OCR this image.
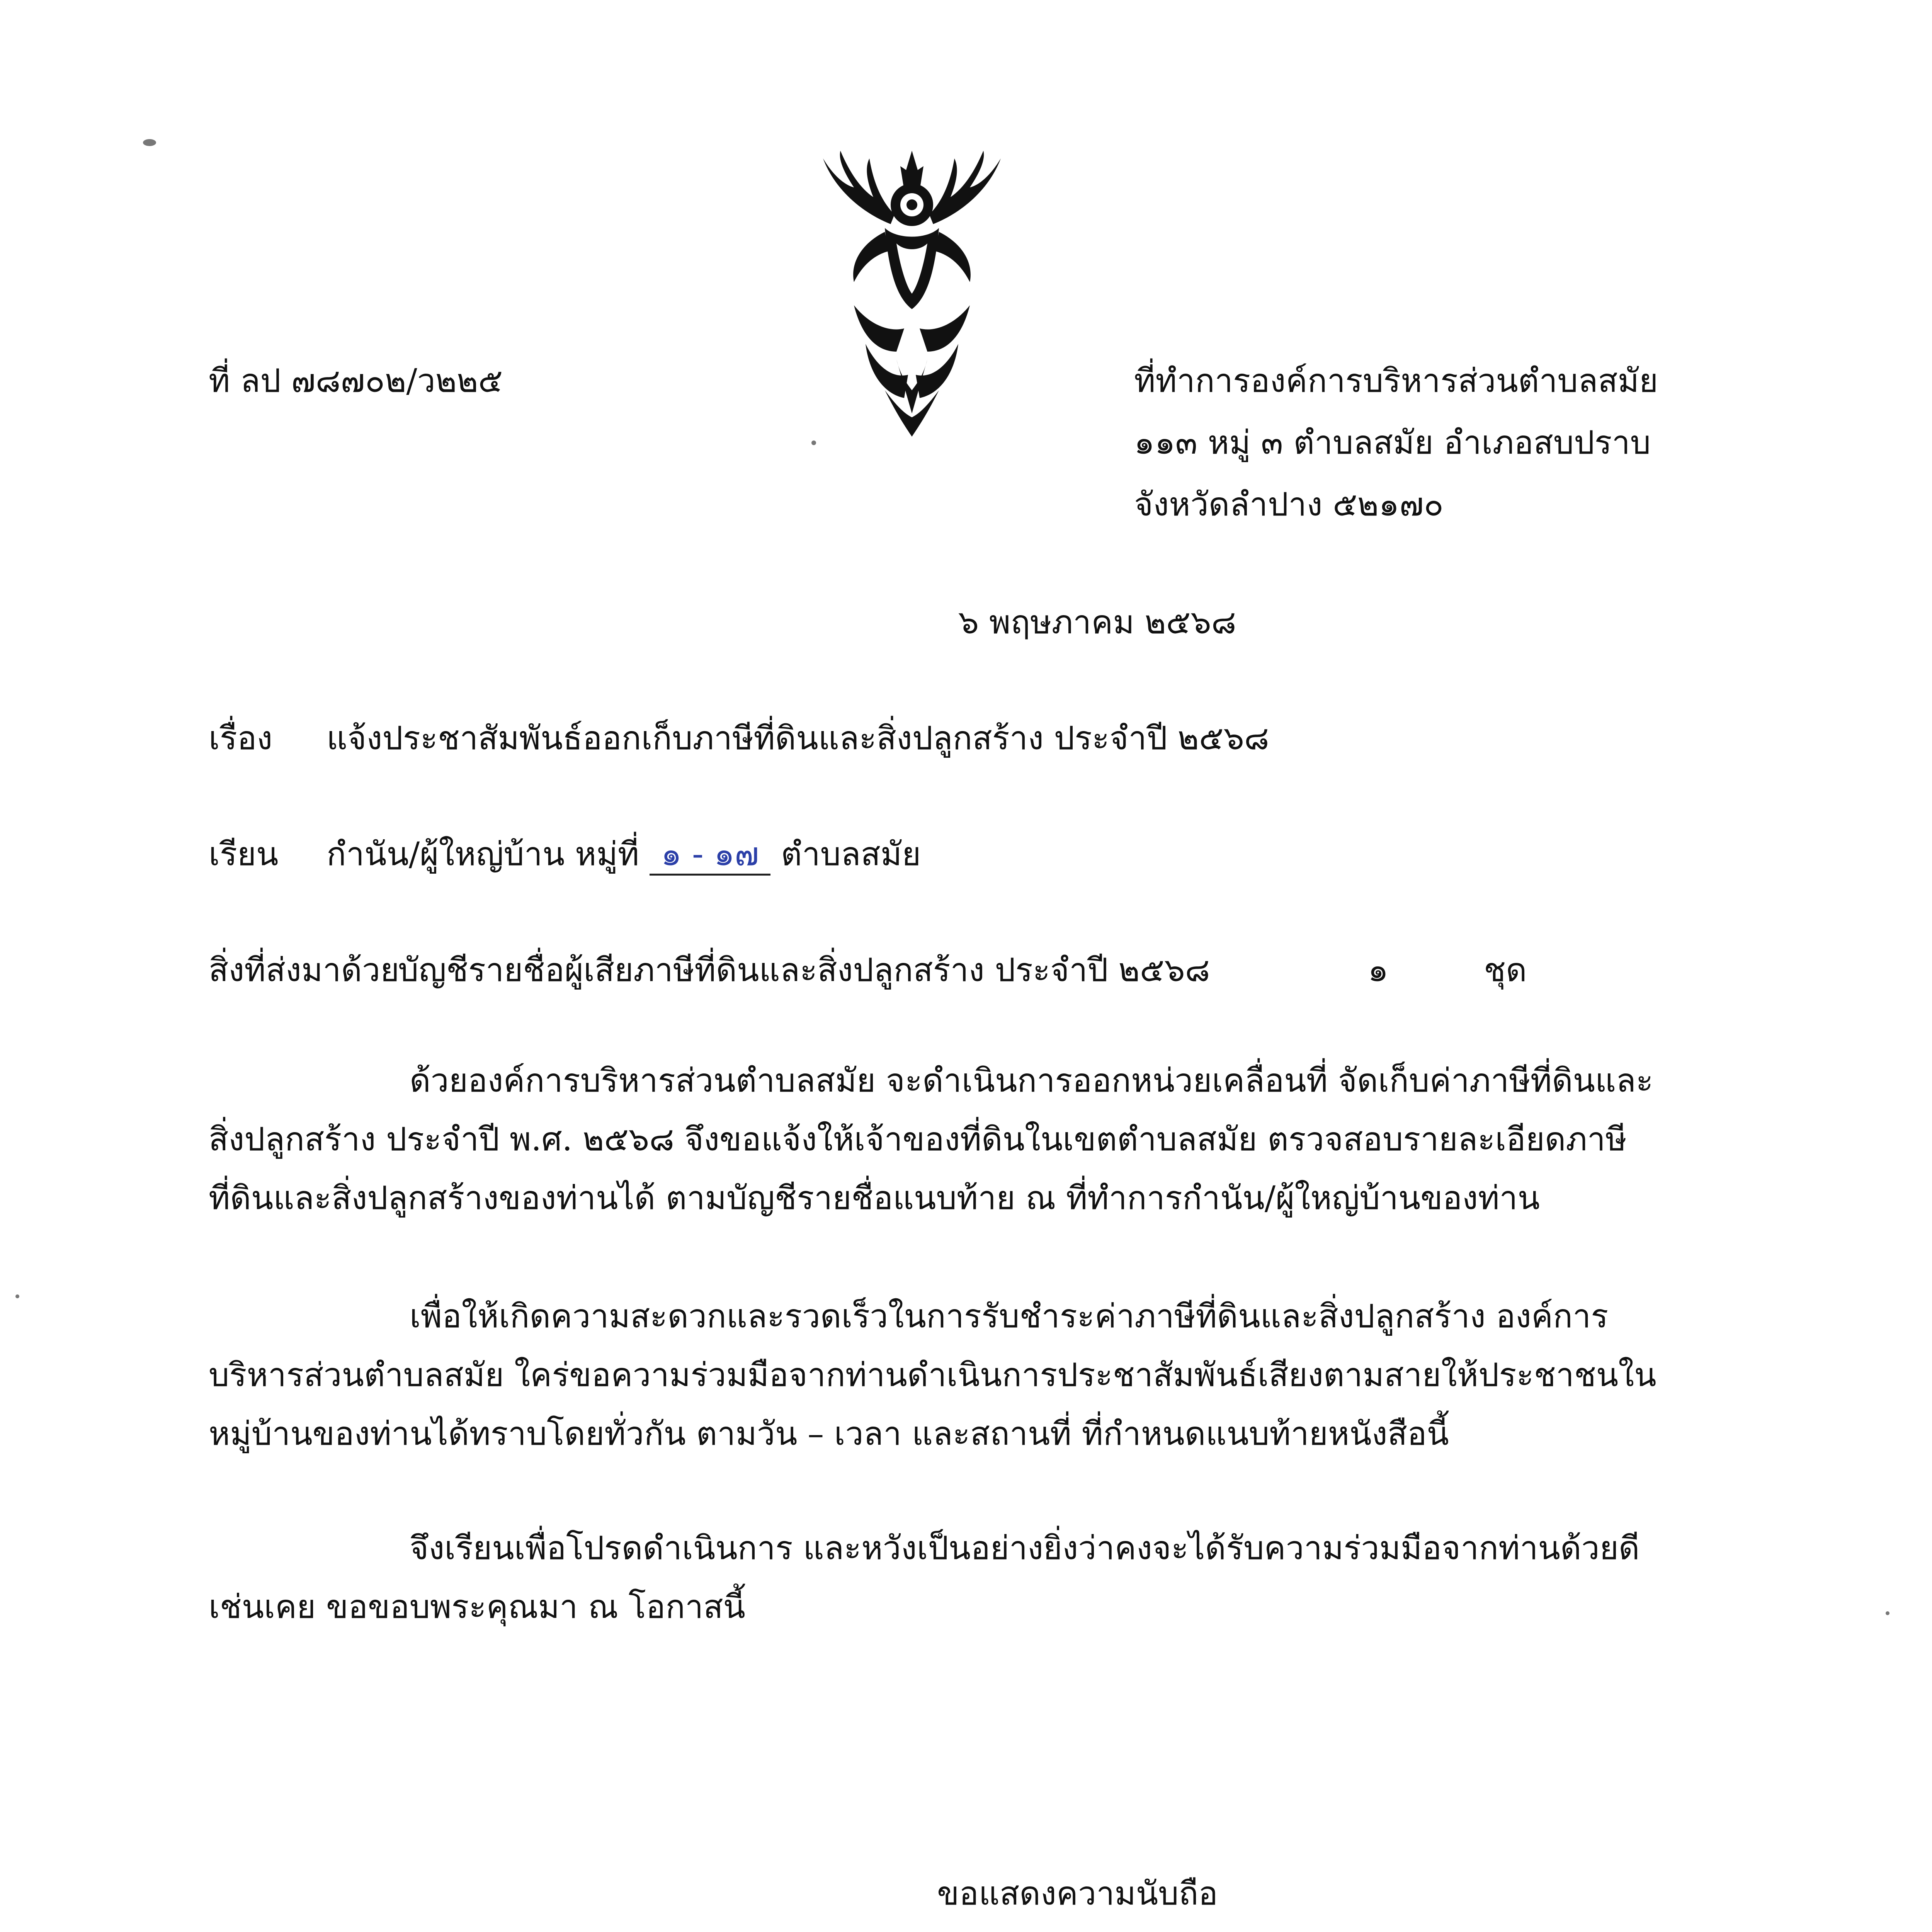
ที่ ลป ๗๘๗๐๒/ว๒๒๕	ที่ทำการองค์การบริหารส่วนตำบลสมัย
๑๑๓ หมู่ ๓ ตำบลสมัย อำเภอสบปราบ
จังหวัดลำปาง ๕๒๑๗๐
๖ พฤษภาคม ๒๕๖๘
เรื่อง แจ้งประชาสัมพันธ์ออกเก็บภาษีที่ดินและสิ่งปลูกสร้าง ประจำปี ๒๕๖๘
เรียน กำนัน/ผู้ใหญ่บ้าน หมู่ที่ ๑ - ๑๗ ตำบลสมัย
สิ่งที่ส่งมาด้วย
บัญชีรายชื่อผู้เสียภาษีที่ดินและสิ่งปลูกสร้าง ประจำปี ๒๕๖๘	๑	ชุด
ด้วยองค์การบริหารส่วนตำบลสมัย จะดำเนินการออกหน่วยเคลื่อนที่ จัดเก็บค่าภาษีที่ดินและสิ่งปลูกสร้าง ประจำปี พ.ศ. ๒๕๖๘ จึงขอแจ้งให้เจ้าของที่ดินในเขตตำบลสมัย ตรวจสอบรายละเอียดภาษีที่ดินและสิ่งปลูกสร้างของท่านได้ ตามบัญชีรายชื่อแนบท้าย ณ ที่ทำการกำนัน/ผู้ใหญ่บ้านของท่าน
เพื่อให้เกิดความสะดวกและรวดเร็วในการรับชำระค่าภาษีที่ดินและสิ่งปลูกสร้าง องค์การบริหารส่วนตำบลสมัย ใคร่ขอความร่วมมือจากท่านดำเนินการประชาสัมพันธ์เสียงตามสายให้ประชาชนในหมู่บ้านของท่านได้ทราบโดยทั่วกัน ตามวัน – เวลา และสถานที่ ที่กำหนดแนบท้ายหนังสือนี้
จึงเรียนเพื่อโปรดดำเนินการ และหวังเป็นอย่างยิ่งว่าคงจะได้รับความร่วมมือจากท่านด้วยดีเช่นเคย ขอขอบพระคุณมา ณ โอกาสนี้
ขอแสดงความนับถือ
